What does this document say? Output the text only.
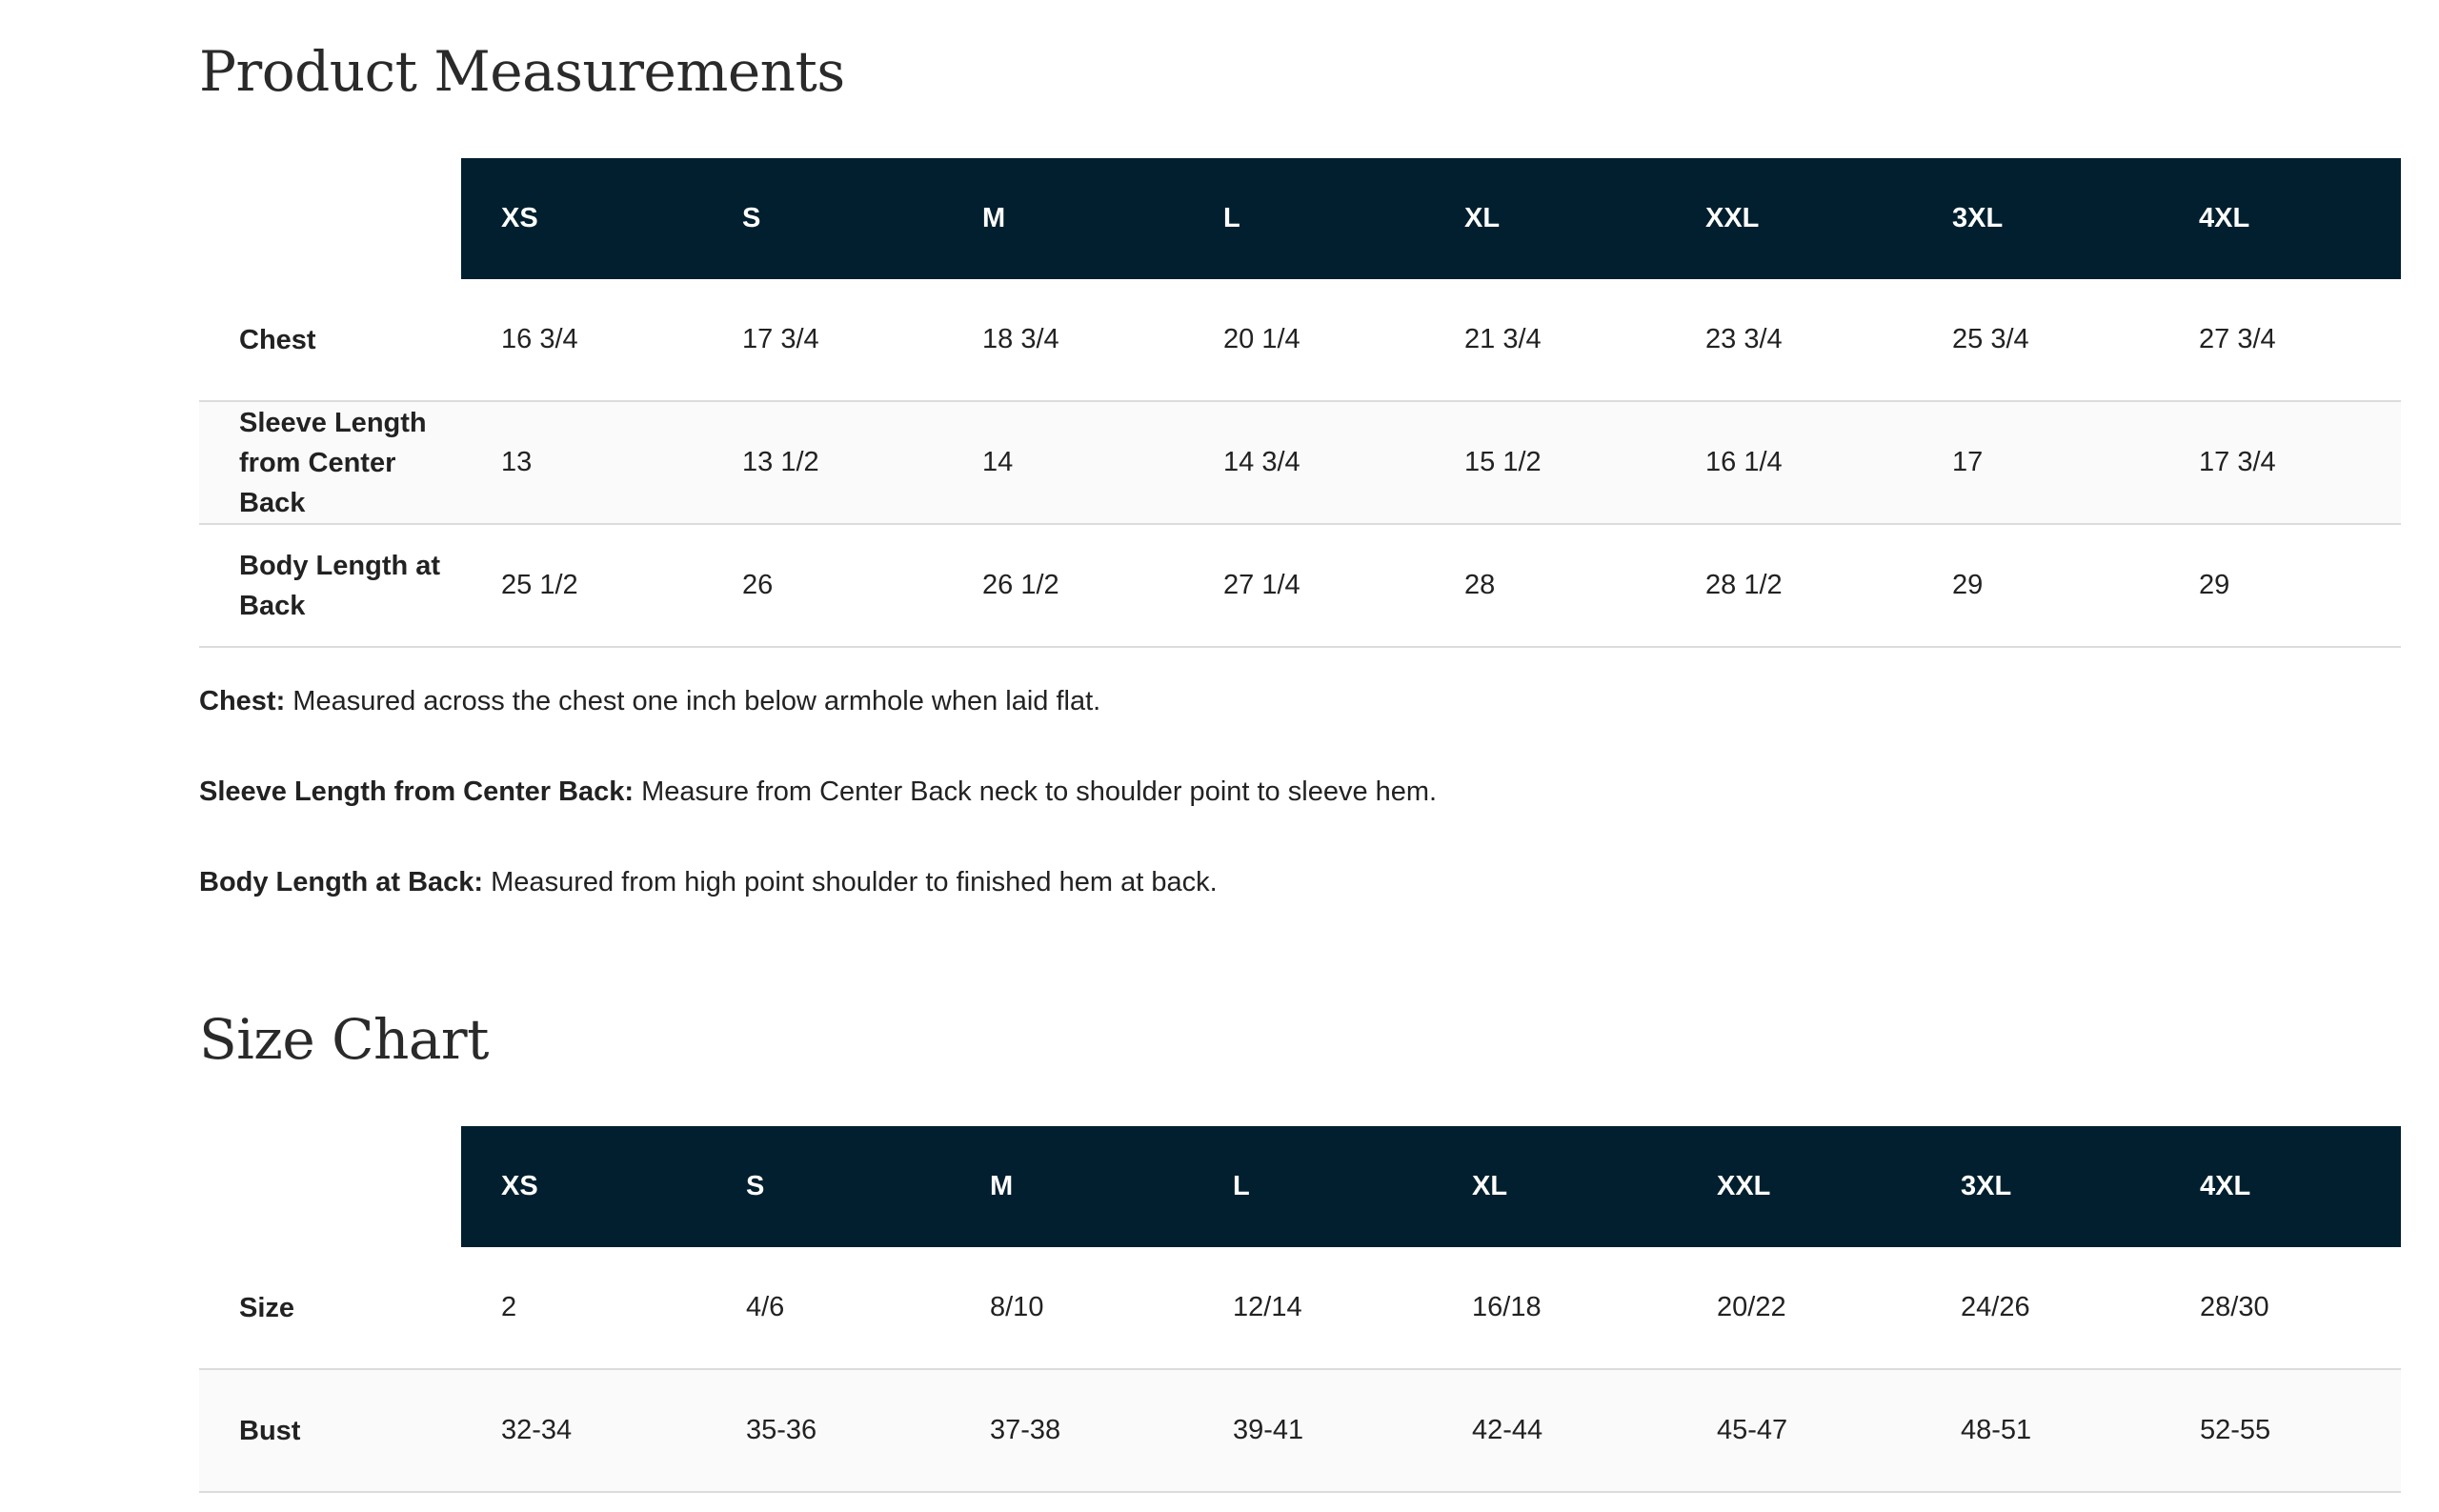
Product Measurements
	XS	S	M	L	XL	XXL	3XL	4XL
Chest	16 3/4	17 3/4	18 3/4	20 1/4	21 3/4	23 3/4	25 3/4	27 3/4
Sleeve Length from Center Back	13	13 1/2	14	14 3/4	15 1/2	16 1/4	17	17 3/4
Body Length at Back	25 1/2	26	26 1/2	27 1/4	28	28 1/2	29	29

Chest: Measured across the chest one inch below armhole when laid flat.

Sleeve Length from Center Back: Measure from Center Back neck to shoulder point to sleeve hem.

Body Length at Back: Measured from high point shoulder to finished hem at back.

Size Chart
	XS	S	M	L	XL	XXL	3XL	4XL
Size	2	4/6	8/10	12/14	16/18	20/22	24/26	28/30
Bust	32-34	35-36	37-38	39-41	42-44	45-47	48-51	52-55
